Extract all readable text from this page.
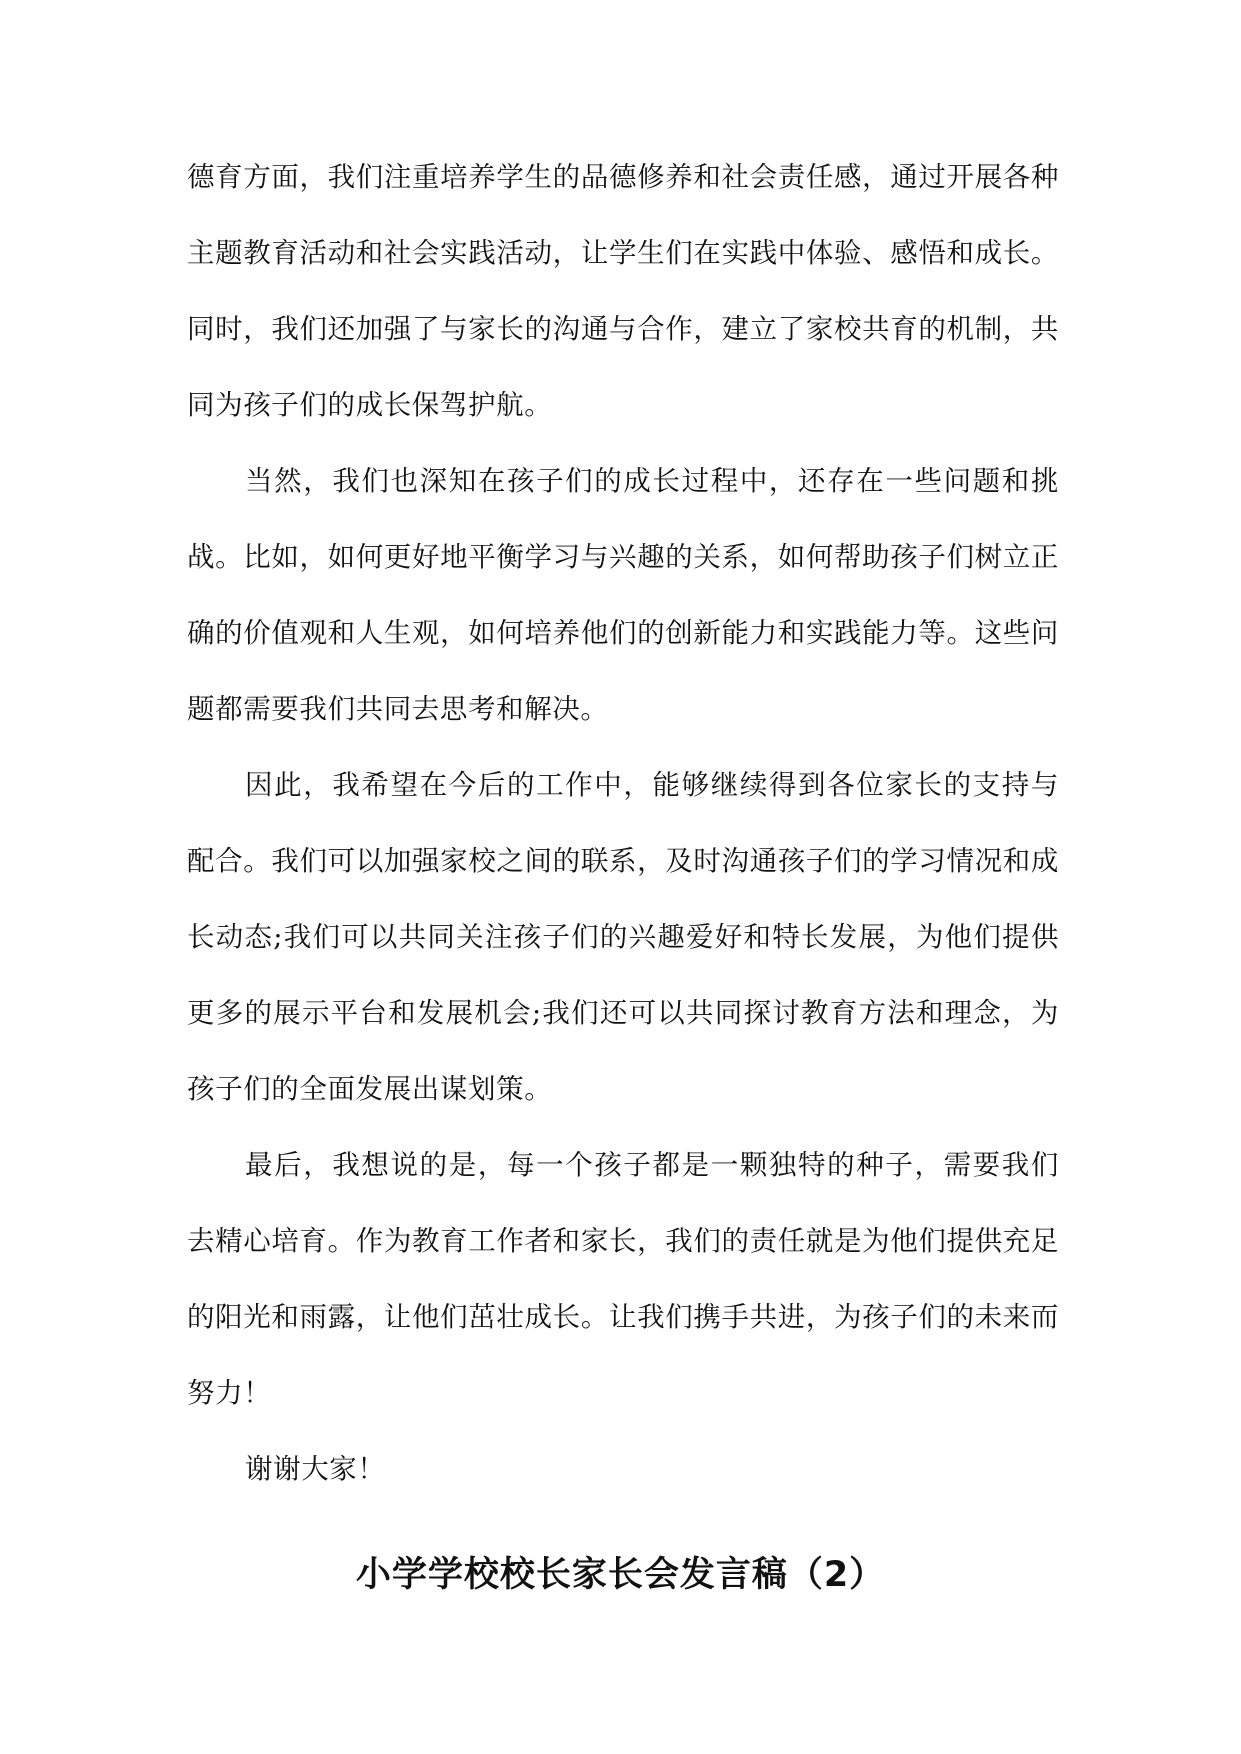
德育方面，我们注重培养学生的品德修养和社会责任感，通过开展各种主题教育活动和社会实践活动，让学生们在实践中体验、感悟和成长。同时，我们还加强了与家长的沟通与合作，建立了家校共育的机制，共同为孩子们的成长保驾护航。

当然，我们也深知在孩子们的成长过程中，还存在一些问题和挑战。比如，如何更好地平衡学习与兴趣的关系，如何帮助孩子们树立正确的价值观和人生观，如何培养他们的创新能力和实践能力等。这些问题都需要我们共同去思考和解决。

因此，我希望在今后的工作中，能够继续得到各位家长的支持与配合。我们可以加强家校之间的联系，及时沟通孩子们的学习情况和成长动态;我们可以共同关注孩子们的兴趣爱好和特长发展，为他们提供更多的展示平台和发展机会;我们还可以共同探讨教育方法和理念，为孩子们的全面发展出谋划策。

最后，我想说的是，每一个孩子都是一颗独特的种子，需要我们去精心培育。作为教育工作者和家长，我们的责任就是为他们提供充足的阳光和雨露，让他们茁壮成长。让我们携手共进，为孩子们的未来而努力！

谢谢大家！

小学学校校长家长会发言稿（2）
